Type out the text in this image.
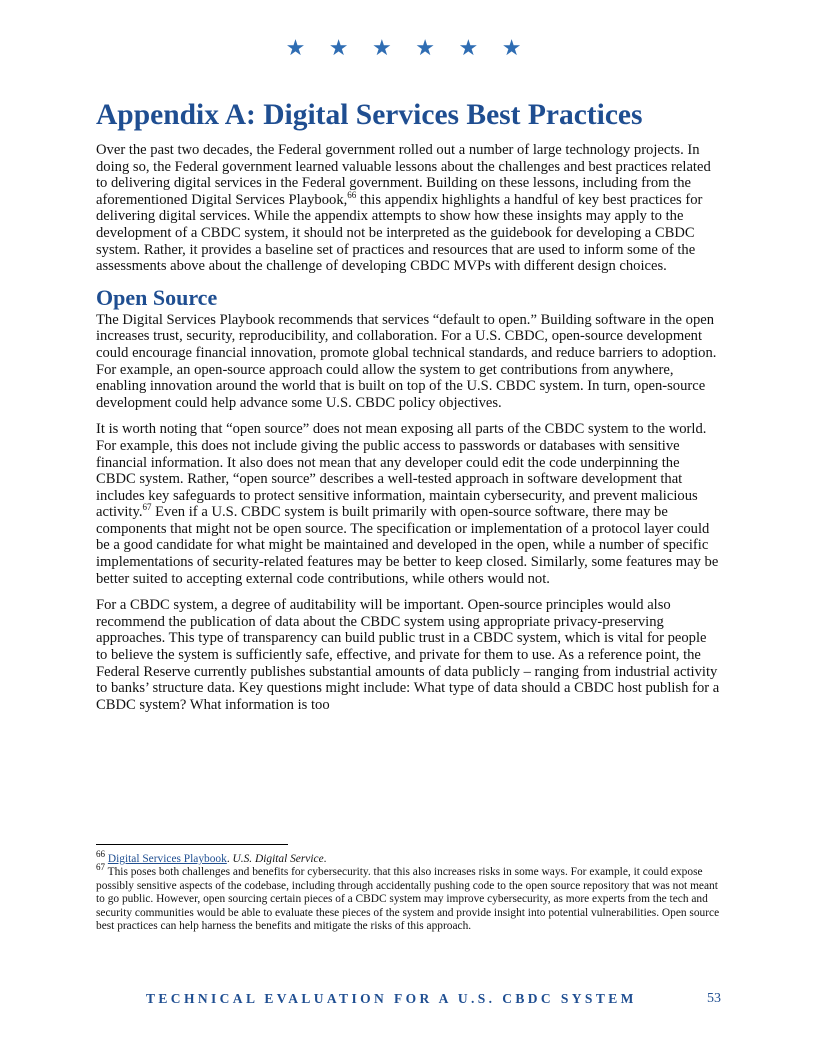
★ ★ ★ ★ ★ ★
Appendix A: Digital Services Best Practices

Over the past two decades, the Federal government rolled out a number of large technology projects. In doing so, the Federal government learned valuable lessons about the challenges and best practices related to delivering digital services in the Federal government. Building on these lessons, including from the aforementioned Digital Services Playbook,$^{66}$ this appendix highlights a handful of key best practices for delivering digital services. While the appendix attempts to show how these insights may apply to the development of a CBDC system, it should not be interpreted as the guidebook for developing a CBDC system. Rather, it provides a baseline set of practices and resources that are used to inform some of the assessments above about the challenge of developing CBDC MVPs with different design choices.

Open Source

The Digital Services Playbook recommends that services “default to open.” Building software in the open increases trust, security, reproducibility, and collaboration. For a U.S. CBDC, open-source development could encourage financial innovation, promote global technical standards, and reduce barriers to adoption. For example, an open-source approach could allow the system to get contributions from anywhere, enabling innovation around the world that is built on top of the U.S. CBDC system. In turn, open-source development could help advance some U.S. CBDC policy objectives.

It is worth noting that “open source” does not mean exposing all parts of the CBDC system to the world. For example, this does not include giving the public access to passwords or databases with sensitive financial information. It also does not mean that any developer could edit the code underpinning the CBDC system. Rather, “open source” describes a well-tested approach in software development that includes key safeguards to protect sensitive information, maintain cybersecurity, and prevent malicious activity.$^{67}$ Even if a U.S. CBDC system is built primarily with open-source software, there may be components that might not be open source. The specification or implementation of a protocol layer could be a good candidate for what might be maintained and developed in the open, while a number of specific implementations of security-related features may be better to keep closed. Similarly, some features may be better suited to accepting external code contributions, while others would not.

For a CBDC system, a degree of auditability will be important. Open-source principles would also recommend the publication of data about the CBDC system using appropriate privacy-preserving approaches. This type of transparency can build public trust in a CBDC system, which is vital for people to believe the system is sufficiently safe, effective, and private for them to use. As a reference point, the Federal Reserve currently publishes substantial amounts of data publicly – ranging from industrial activity to banks’ structure data. Key questions might include: What type of data should a CBDC host publish for a CBDC system? What information is too

$^{66}$ Digital Services Playbook. U.S. Digital Service.

$^{67}$ This poses both challenges and benefits for cybersecurity. that this also increases risks in some ways. For example, it could expose possibly sensitive aspects of the codebase, including through accidentally pushing code to the open source repository that was not meant to go public. However, open sourcing certain pieces of a CBDC system may improve cybersecurity, as more experts from the tech and security communities would be able to evaluate these pieces of the system and provide insight into potential vulnerabilities. Open source best practices can help harness the benefits and mitigate the risks of this approach.

TECHNICAL EVALUATION FOR A U.S. CBDC SYSTEM	53
